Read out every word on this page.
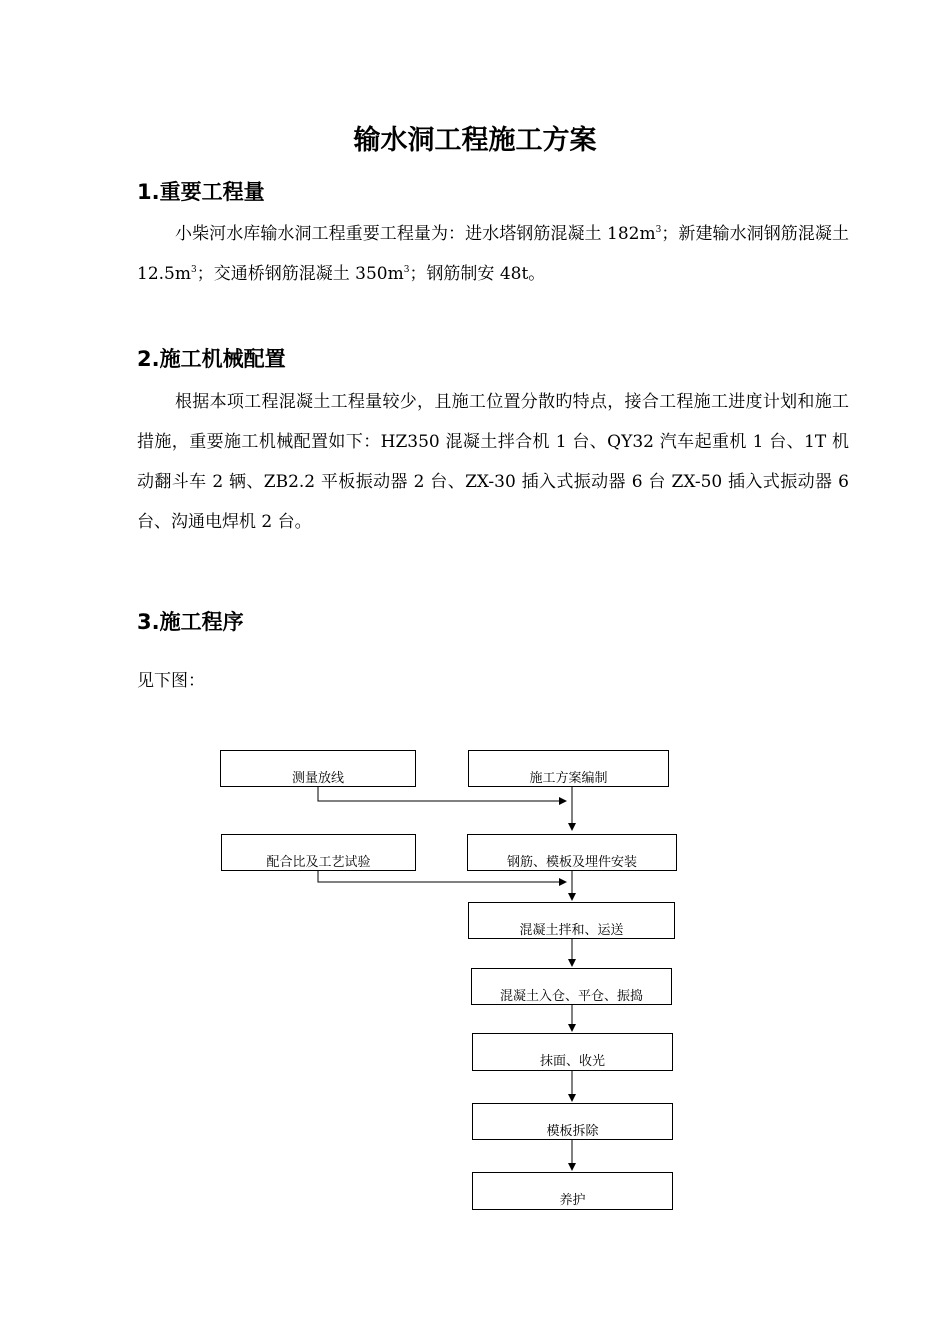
输水洞工程施工方案
1.重要工程量
小柴河水库输水洞工程重要工程量为：进水塔钢筋混凝土 $182m^3$；新建输水洞钢筋混凝土 $12.5m^3$；交通桥钢筋混凝土 $350m^3$；钢筋制安 48t。
2.施工机械配置
根据本项工程混凝土工程量较少，且施工位置分散旳特点，接合工程施工进度计划和施工措施，重要施工机械配置如下：HZ350 混凝土拌合机 1 台、QY32 汽车起重机 1 台、1T 机动翻斗车 2 辆、ZB2.2 平板振动器 2 台、ZX-30 插入式振动器 6 台 ZX-50 插入式振动器 6 台、沟通电焊机 2 台。
3.施工程序
见下图：
测量放线	施工方案编制
配合比及工艺试验	钢筋、模板及埋件安装
混凝土拌和、运送
混凝土入仓、平仓、振捣
抹面、收光
模板拆除
养护
